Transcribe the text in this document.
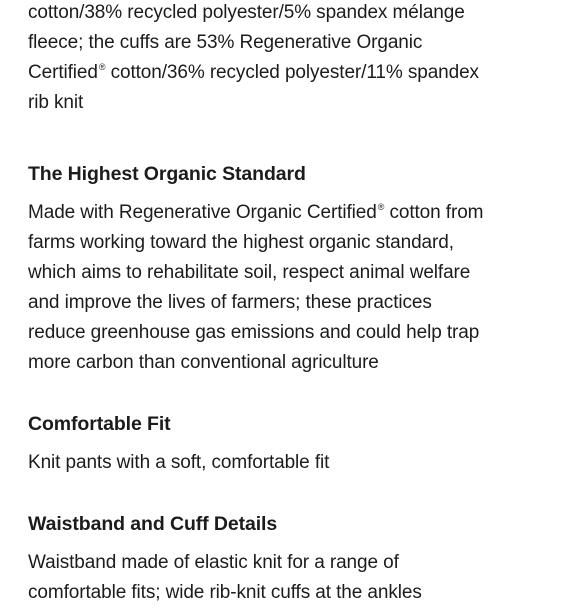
cotton/38% recycled polyester/5% spandex mélange
fleece; the cuffs are 53% Regenerative Organic
Certified® cotton/36% recycled polyester/11% spandex
rib knit

The Highest Organic Standard

Made with Regenerative Organic Certified® cotton from
farms working toward the highest organic standard,
which aims to rehabilitate soil, respect animal welfare
and improve the lives of farmers; these practices
reduce greenhouse gas emissions and could help trap
more carbon than conventional agriculture

Comfortable Fit

Knit pants with a soft, comfortable fit

Waistband and Cuff Details

Waistband made of elastic knit for a range of
comfortable fits; wide rib-knit cuffs at the ankles
